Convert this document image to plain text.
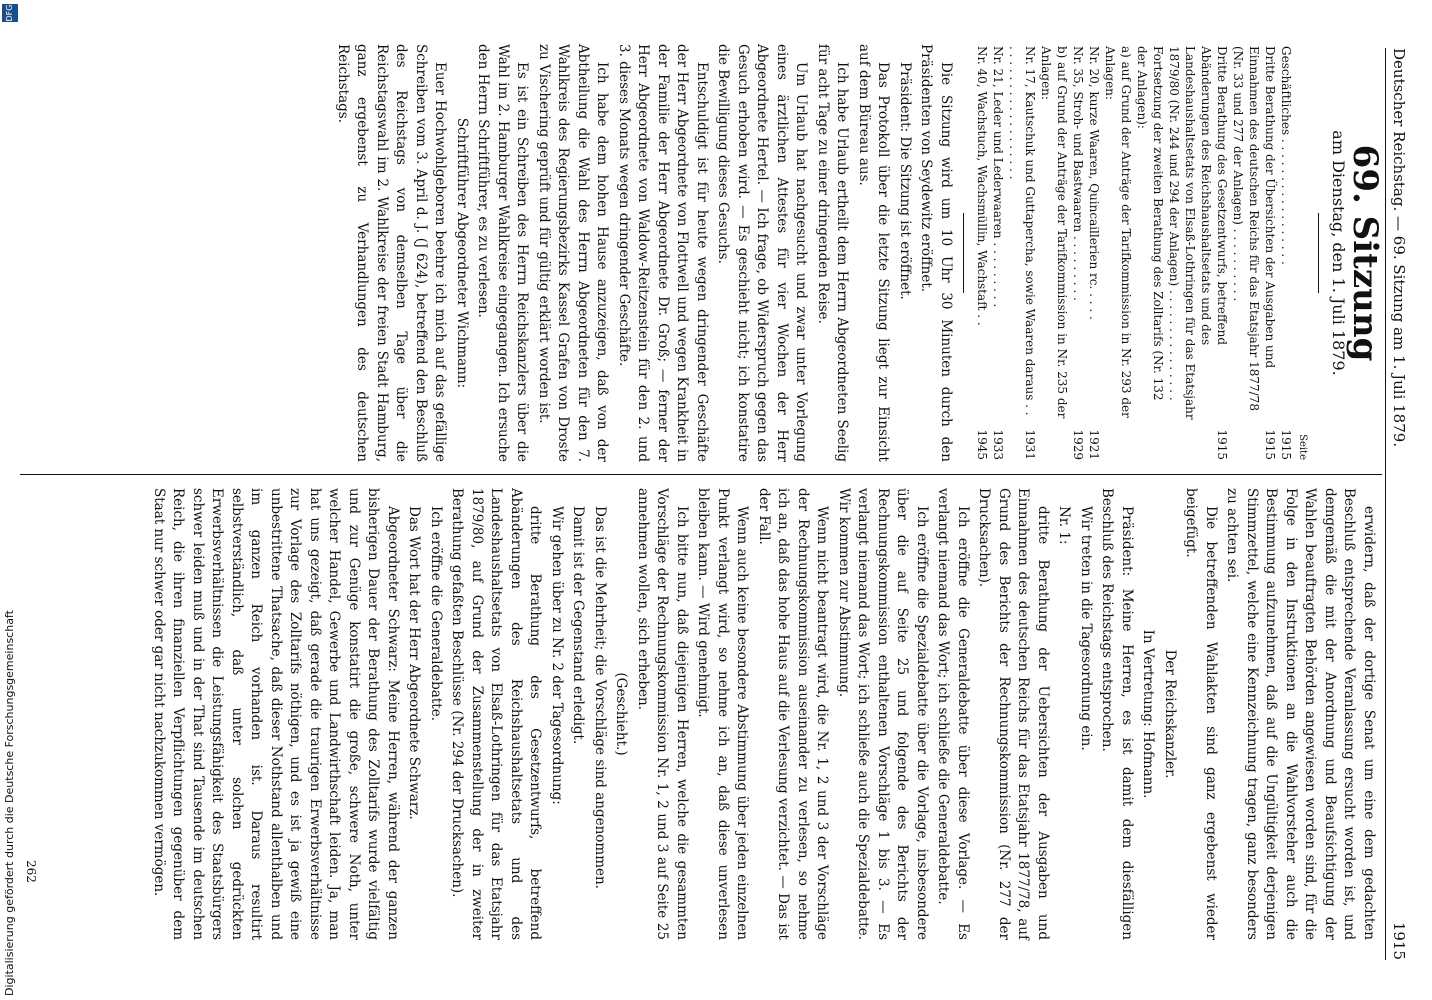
Deutscher Reichstag. — 69. Sitzung am 1. Juli 1879.
1915
69. Sitzung
am Dienstag, den 1. Juli 1879.
	Seite
Geschäftliches . . . . . . . . . . . . . . . . .	1915
Dritte Berathung der Übersichten der Ausgaben und Einnahmen des deutschen Reichs für das Etatsjahr 1877/78 (Nr. 33 und 277 der Anlagen) . . . . . . . . . .	1915
Dritte Berathung des Gesetzentwurfs, betreffend Abänderungen des Reichshaushaltsetats und des Landeshaushaltsetats von Elsaß-Lothringen für das Etatsjahr 1879/80 (Nr. 244 und 294 der Anlagen) . . . . . . . . . . . . . . .	1915
Fortsetzung der zweiten Berathung des Zolltarifs (Nr. 132 der Anlagen):	
a) auf Grund der Anträge der Tarifkommission in Nr. 293 der Anlagen:	
Nr. 20, kurze Waaren, Quincaillerien rc. . . . .	1921
Nr. 35, Stroh- und Bastwaaren . . . . . . . . .	1929
b) auf Grund der Anträge der Tarifkommission in Nr. 235 der Anlagen:	
Nr. 17, Kautschuk und Guttapercha, sowie Waaren daraus . . . . . . . . . . . . . . . . . . . .	1931
Nr. 21, Leder und Lederwaaren . . . . . . . . .	1933
Nr. 40, Wachstuch, Wachsmüllin, Wachstaft . .	1945

Die Sitzung wird um 10 Uhr 30 Minuten durch den Präsidenten von Seydewitz eröffnet.

Präsident: Die Sitzung ist eröffnet.

Das Protokoll über die letzte Sitzung liegt zur Einsicht auf dem Büreau aus.

Ich habe Urlaub ertheilt dem Herrn Abgeordneten Seelig für acht Tage zu einer dringenden Reise.

Um Urlaub hat nachgesucht und zwar unter Vorlegung eines ärztlichen Attestes für vier Wochen der Herr Abgeordnete Hertel. — Ich frage, ob Widerspruch gegen das Gesuch erhoben wird. — Es geschieht nicht; ich konstatire die Bewilligung dieses Gesuchs.

Entschuldigt ist für heute wegen dringender Geschäfte der Herr Abgeordnete von Flottwell und wegen Krankheit in der Familie der Herr Abgeordnete Dr. Groß; — ferner der Herr Abgeordnete von Waldow-Reitzenstein für den 2. und 3. dieses Monats wegen dringender Geschäfte.

Ich habe dem hohen Hause anzuzeigen, daß von der Abtheilung die Wahl des Herrn Abgeordneten für den 7. Wahlkreis des Regierungsbezirks Kassel Grafen von Droste zu Vischering geprüft und für gültig erklärt worden ist.

Es ist ein Schreiben des Herrn Reichskanzlers über die Wahl im 2. Hamburger Wahlkreise eingegangen. Ich ersuche den Herrn Schriftführer, es zu verlesen.

Schriftführer Abgeordneter Wichmann:

Euer Hochwohlgeboren beehre ich mich auf das gefällige Schreiben vom 3. April d. J. (J 624), betreffend den Beschluß des Reichstags von demselben Tage über die Reichstagswahl im 2. Wahlkreise der freien Stadt Hamburg, ganz ergebenst zu Verhandlungen des deutschen Reichstags.

erwidern, daß der dortige Senat um eine dem gedachten Beschluß entsprechende Veranlassung ersucht worden ist, und demgemäß die mit der Anordnung und Beaufsichtigung der Wahlen beauftragten Behörden angewiesen worden sind, für die Folge in den Instruktionen an die Wahlvorsteher auch die Bestimmung aufzunehmen, daß auf die Ungültigkeit derjenigen Stimmzettel, welche eine Kennzeichnung tragen, ganz besonders zu achten sei.

Die betreffenden Wahlakten sind ganz ergebenst wieder beigefügt.

Der Reichskanzler.

In Vertretung: Hofmann.

Präsident: Meine Herren, es ist damit dem diesfälligen Beschluß des Reichstags entsprochen.

Wir treten in die Tagesordnung ein.

Nr. 1:

dritte Berathung der Uebersichten der Ausgaben und Einnahmen des deutschen Reichs für das Etatsjahr 1877/78, auf Grund des Berichts der Rechnungskommission (Nr. 277 der Drucksachen).

Ich eröffne die Generaldebatte über diese Vorlage. — Es verlangt niemand das Wort; ich schließe die Generaldebatte.

Ich eröffne die Spezialdebatte über die Vorlage, insbesondere über die auf Seite 25 und folgende des Berichts der Rechnungskommission enthaltenen Vorschläge 1 bis 3. — Es verlangt niemand das Wort; ich schließe auch die Spezialdebatte. Wir kommen zur Abstimmung.

Wenn nicht beantragt wird, die Nr. 1, 2 und 3 der Vorschläge der Rechnungskommission auseinander zu verlesen, so nehme ich an, daß das hohe Haus auf die Verlesung verzichtet. — Das ist der Fall.

Wenn auch keine besondere Abstimmung über jeden einzelnen Punkt verlangt wird, so nehme ich an, daß diese unverlesen bleiben kann. — Wird genehmigt.

Ich bitte nun, daß diejenigen Herren, welche die gesammten Vorschläge der Rechnungskommission Nr. 1, 2 und 3 auf Seite 25 annehmen wollen, sich erheben.

(Geschieht.)

Das ist die Mehrheit; die Vorschläge sind angenommen.

Damit ist der Gegenstand erledigt.

Wir gehen über zu Nr. 2 der Tagesordnung:

dritte Berathung des Gesetzentwurfs, betreffend Abänderungen des Reichshaushaltsetats und des Landeshaushaltsetats von Elsaß-Lothringen für das Etatsjahr 1879/80, auf Grund der Zusammenstellung der in zweiter Berathung gefaßten Beschlüsse (Nr. 294 der Drucksachen).

Ich eröffne die Generaldebatte.

Das Wort hat der Herr Abgeordnete Schwarz.

Abgeordneter Schwarz: Meine Herren, während der ganzen bisherigen Dauer der Berathung des Zolltarifs wurde vielfältig und zur Genüge konstatirt die große, schwere Noth, unter welcher Handel, Gewerbe und Landwirthschaft leiden. Ja, man hat uns gezeigt, daß gerade die traurigen Erwerbsverhältnisse zur Vorlage des Zolltarifs nöthigen, und es ist ja gewiß eine unbestrittene Thatsache, daß dieser Nothstand allenthalben und im ganzen Reich vorhanden ist. Daraus resultirt selbstverständlich, daß unter solchen gedrückten Erwerbsverhältnissen die Leistungsfähigkeit des Staatsbürgers schwer leiden muß und in der That sind Tausende im deutschen Reich, die ihren finanziellen Verpflichtungen gegenüber dem Staat nur schwer oder gar nicht nachzukommen vermögen.

262
Digitalisierung gefördert durch die Deutsche Forschungsgemeinschaft
DFG
